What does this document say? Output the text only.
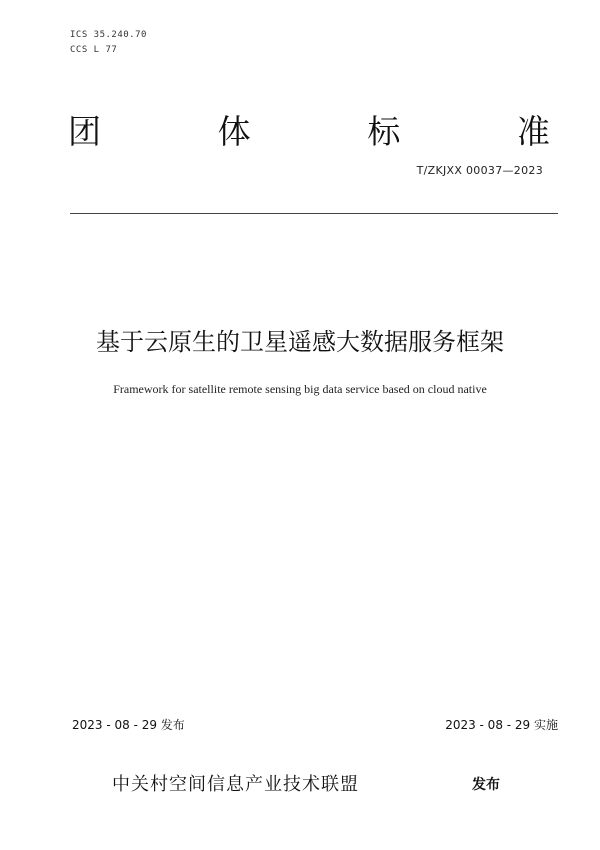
ICS 35.240.70
CCS L 77
团	体	标	准
T/ZKJXX 00037—2023
基于云原生的卫星遥感大数据服务框架
Framework for satellite remote sensing big data service based on cloud native
2023 - 08 - 29 发布	2023 - 08 - 29 实施
中关村空间信息产业技术联盟	发布
